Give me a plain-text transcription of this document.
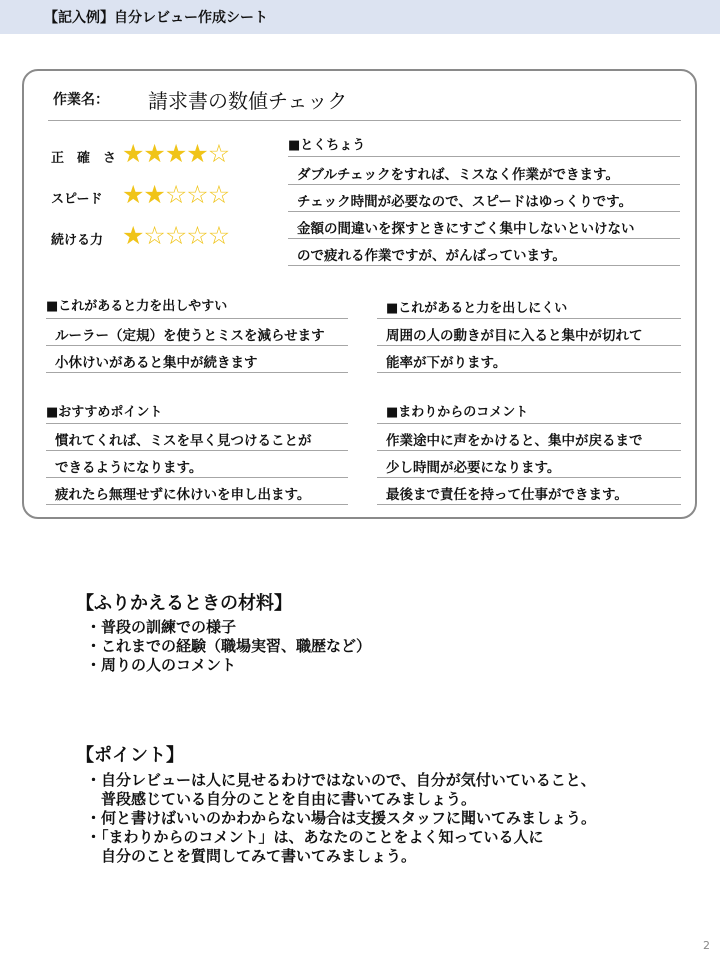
【記入例】自分レビュー作成シート
作業名： 請求書の数値チェック
正　確　さ ★★★★☆
スピード ★★☆☆☆
続ける力 ★☆☆☆☆
■とくちょう
ダブルチェックをすれば、ミスなく作業ができます。
チェック時間が必要なので、スピードはゆっくりです。
金額の間違いを探すときにすごく集中しないといけない
ので疲れる作業ですが、がんばっています。
■これがあると力を出しやすい
ルーラー（定規）を使うとミスを減らせます
小休けいがあると集中が続きます
■これがあると力を出しにくい
周囲の人の動きが目に入ると集中が切れて
能率が下がります。
■おすすめポイント
慣れてくれば、ミスを早く見つけることが
できるようになります。
疲れたら無理せずに休けいを申し出ます。
■まわりからのコメント
作業途中に声をかけると、集中が戻るまで
少し時間が必要になります。
最後まで責任を持って仕事ができます。
【ふりかえるときの材料】
・普段の訓練での様子
・これまでの経験（職場実習、職歴など）
・周りの人のコメント
【ポイント】
・自分レビューは人に見せるわけではないので、自分が気付いていること、
　普段感じている自分のことを自由に書いてみましょう。
・何と書けばいいのかわからない場合は支援スタッフに聞いてみましょう。
・「まわりからのコメント」は、あなたのことをよく知っている人に
　自分のことを質問してみて書いてみましょう。
2
